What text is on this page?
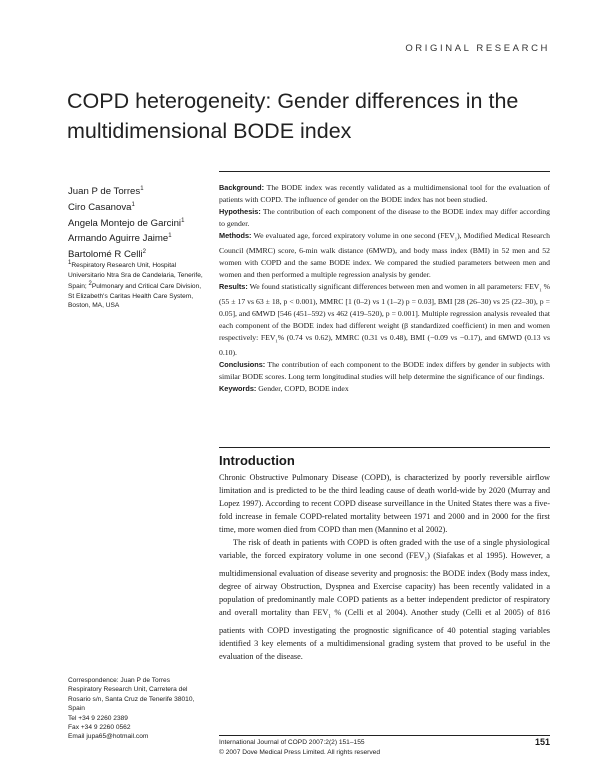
ORIGINAL RESEARCH
COPD heterogeneity: Gender differences in the multidimensional BODE index
Juan P de Torres$^1$
Ciro Casanova$^1$
Angela Montejo de Garcini$^1$
Armando Aguirre Jaime$^1$
Bartolomé R Celli$^2$
$^1$Respiratory Research Unit, Hospital Universitario Ntra Sra de Candelaria, Tenerife, Spain; $^2$Pulmonary and Critical Care Division, St Elizabeth's Caritas Health Care System, Boston, MA, USA

Background: The BODE index was recently validated as a multidimensional tool for the evaluation of patients with COPD. The influence of gender on the BODE index has not been studied.

Hypothesis: The contribution of each component of the disease to the BODE index may differ according to gender.

Methods: We evaluated age, forced expiratory volume in one second $(FEV_1)$, Modified Medical Research Council (MMRC) score, 6-min walk distance (6MWD), and body mass index (BMI) in 52 men and 52 women with COPD and the same BODE index. We compared the studied parameters between men and women and then performed a multiple regression analysis by gender.

Results: We found statistically significant differences between men and women in all parameters: $FEV_1$ % (55 ± 17 vs 63 ± 18, p < 0.001), MMRC [1 (0–2) vs 1 (1–2) p = 0.03], BMI [28 (26–30) vs 25 (22–30), p = 0.05], and 6MWD [546 (451–592) vs 462 (419–520), p = 0.001]. Multiple regression analysis revealed that each component of the BODE index had different weight (β standardized coefficient) in men and women respectively: $FEV_1\%$ (0.74 vs 0.62), MMRC (0.31 vs 0.48), BMI (−0.09 vs −0.17), and 6MWD (0.13 vs 0.10).

Conclusions: The contribution of each component to the BODE index differs by gender in subjects with similar BODE scores. Long term longitudinal studies will help determine the significance of our findings.

Keywords: Gender, COPD, BODE index

Introduction

Chronic Obstructive Pulmonary Disease (COPD), is characterized by poorly reversible airflow limitation and is predicted to be the third leading cause of death world-wide by 2020 (Murray and Lopez 1997). According to recent COPD disease surveillance in the United States there was a five-fold increase in female COPD-related mortality between 1971 and 2000 and in 2000 for the first time, more women died from COPD than men (Mannino et al 2002).

The risk of death in patients with COPD is often graded with the use of a single physiological variable, the forced expiratory volume in one second $(FEV_1)$ (Siafakas et al 1995). However, a multidimensional evaluation of disease severity and prognosis: the BODE index (Body mass index, degree of airway Obstruction, Dyspnea and Exercise capacity) has been recently validated in a population of predominantly male COPD patients as a better independent predictor of respiratory and overall mortality than $FEV_1$ % (Celli et al 2004). Another study (Celli et al 2005) of 816 patients with COPD investigating the prognostic significance of 40 potential staging variables identified 3 key elements of a multidimensional grading system that proved to be useful in the evaluation of the disease.

Correspondence: Juan P de Torres
Respiratory Research Unit, Carretera del Rosario s/n, Santa Cruz de Tenerife 38010, Spain
Tel +34 9 2260 2389
Fax +34 9 2260 0562
Email jupa65@hotmail.com
International Journal of COPD 2007:2(2) 151–155
© 2007 Dove Medical Press Limited. All rights reserved
151
